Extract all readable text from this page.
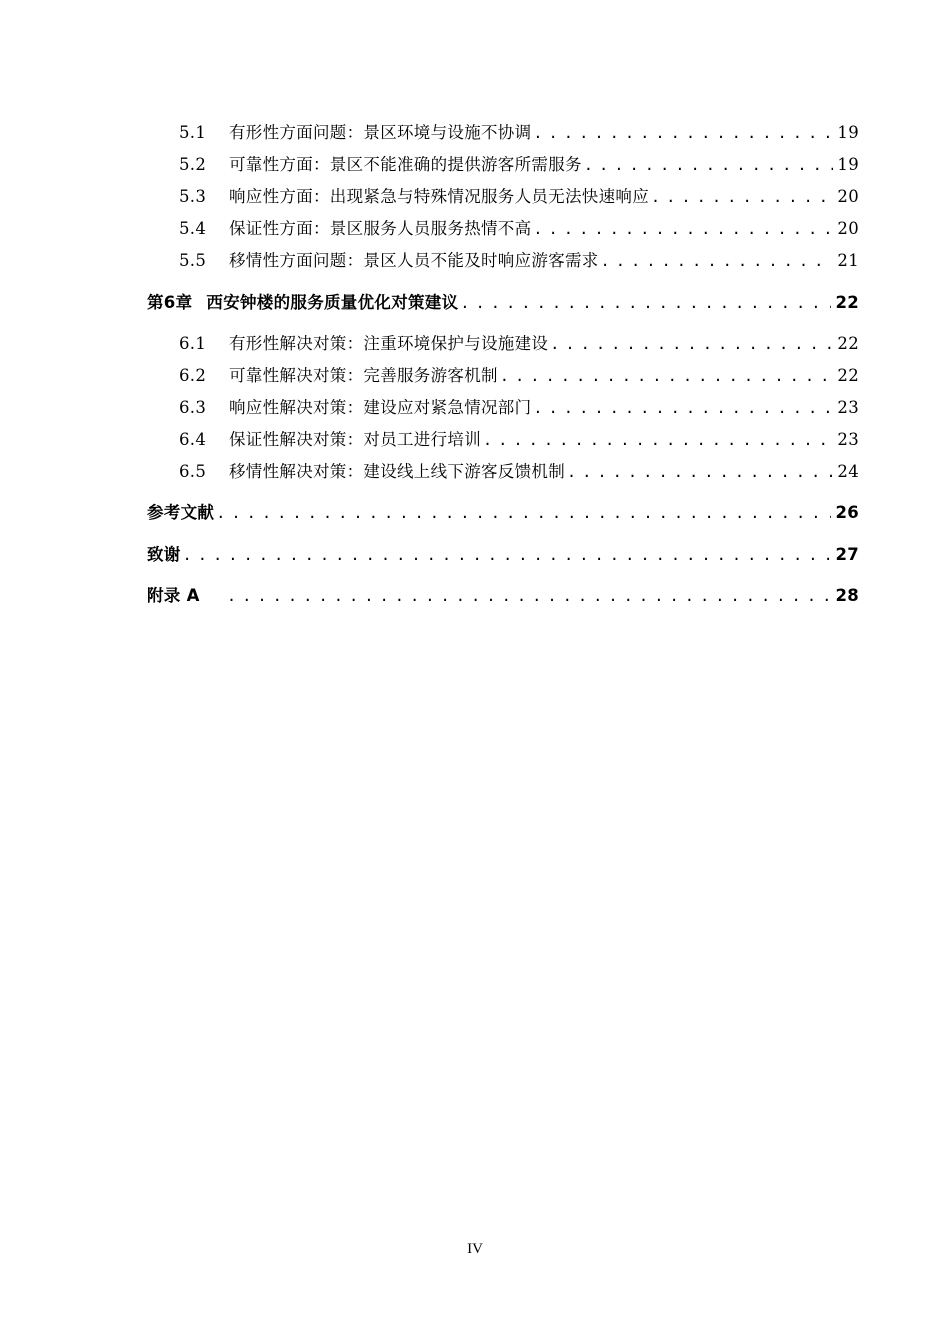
5.1	有形性方面问题：景区环境与设施不协调 . . .	19
5.2	可靠性方面：景区不能准确的提供游客所需服务 . . .	19
5.3	响应性方面：出现紧急与特殊情况服务人员无法快速响应 . . .	20
5.4	保证性方面：景区服务人员服务热情不高 . . .	20
5.5	移情性方面问题：景区人员不能及时响应游客需求 . . .	21
第6章 西安钟楼的服务质量优化对策建议 . . .	22
6.1	有形性解决对策：注重环境保护与设施建设 . . .	22
6.2	可靠性解决对策：完善服务游客机制 . . .	22
6.3	响应性解决对策：建设应对紧急情况部门 . . .	23
6.4	保证性解决对策：对员工进行培训 . . .	23
6.5	移情性解决对策：建设线上线下游客反馈机制 . . .	24
参考文献 . . .	26
致谢 . . .	27
附录 A . . .	28
IV
